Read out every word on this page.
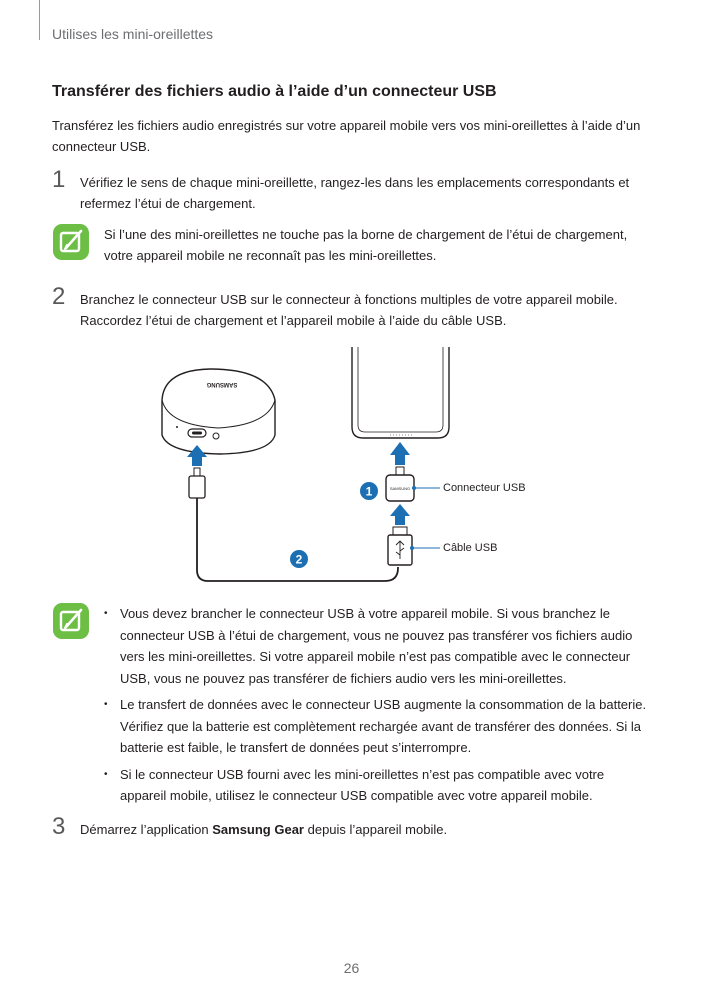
Utilises les mini-oreillettes
Transférer des fichiers audio à l’aide d’un connecteur USB
Transférez les fichiers audio enregistrés sur votre appareil mobile vers vos mini-oreillettes à l’aide d’un connecteur USB.
1 Vérifiez le sens de chaque mini-oreillette, rangez-les dans les emplacements correspondants et refermez l’étui de chargement.
Si l’une des mini-oreillettes ne touche pas la borne de chargement de l’étui de chargement, votre appareil mobile ne reconnaît pas les mini-oreillettes.
2 Branchez le connecteur USB sur le connecteur à fonctions multiples de votre appareil mobile. Raccordez l’étui de chargement et l’appareil mobile à l’aide du câble USB.
SAMSUNG
SAMSUNG
1
2
Connecteur USB
Câble USB
• Vous devez brancher le connecteur USB à votre appareil mobile. Si vous branchez le connecteur USB à l’étui de chargement, vous ne pouvez pas transférer vos fichiers audio vers les mini-oreillettes. Si votre appareil mobile n’est pas compatible avec le connecteur USB, vous ne pouvez pas transférer de fichiers audio vers les mini-oreillettes.
• Le transfert de données avec le connecteur USB augmente la consommation de la batterie. Vérifiez que la batterie est complètement rechargée avant de transférer des données. Si la batterie est faible, le transfert de données peut s’interrompre.
• Si le connecteur USB fourni avec les mini-oreillettes n’est pas compatible avec votre appareil mobile, utilisez le connecteur USB compatible avec votre appareil mobile.
3 Démarrez l’application Samsung Gear depuis l’appareil mobile.
26
